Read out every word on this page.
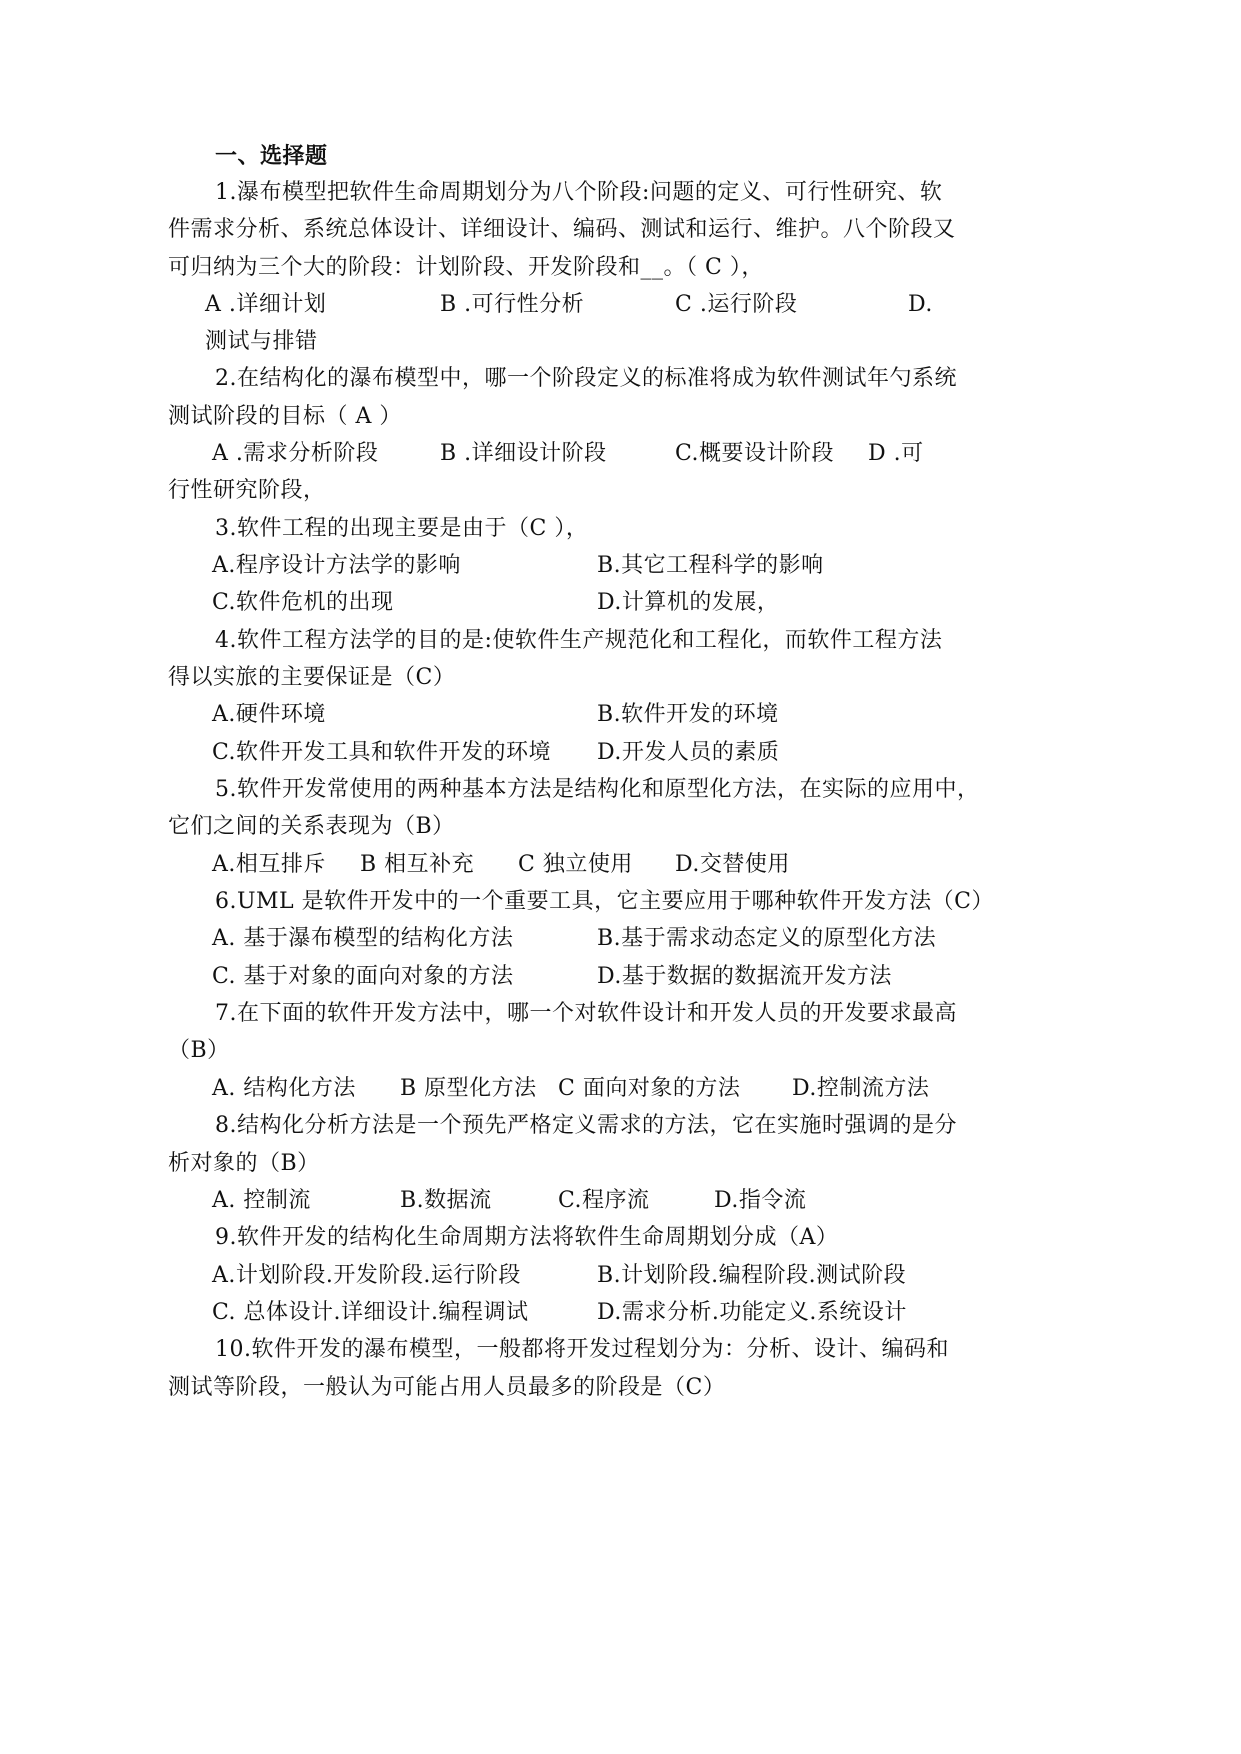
一、选择题
1.瀑布模型把软件生命周期划分为八个阶段:问题的定义、可行性研究、软
件需求分析、系统总体设计、详细设计、编码、测试和运行、维护。八个阶段又
可归纳为三个大的阶段：计划阶段、开发阶段和__。（ C ），
A .详细计划	B .可行性分析	C .运行阶段	D.
测试与排错
2.在结构化的瀑布模型中，哪一个阶段定义的标准将成为软件测试年勺系统
测试阶段的目标（ A ）
A .需求分析阶段	B .详细设计阶段	C.概要设计阶段 D .可
行性研究阶段，
3.软件工程的出现主要是由于（C ），
A.程序设计方法学的影响	B.其它工程科学的影响
C.软件危机的出现	D.计算机的发展，
4.软件工程方法学的目的是:使软件生产规范化和工程化，而软件工程方法
得以实旅的主要保证是（C）
A.硬件环境	B.软件开发的环境
C.软件开发工具和软件开发的环境 D.开发人员的素质
5.软件开发常使用的两种基本方法是结构化和原型化方法，在实际的应用中，
它们之间的关系表现为（B）
A.相互排斥 B 相互补充 C 独立使用 D.交替使用
6.UML 是软件开发中的一个重要工具，它主要应用于哪种软件开发方法（C）
A. 基于瀑布模型的结构化方法	B.基于需求动态定义的原型化方法
C. 基于对象的面向对象的方法	D.基于数据的数据流开发方法
7.在下面的软件开发方法中，哪一个对软件设计和开发人员的开发要求最高
（B）
A. 结构化方法 B 原型化方法 C 面向对象的方法 D.控制流方法
8.结构化分析方法是一个预先严格定义需求的方法，它在实施时强调的是分
析对象的（B）
A. 控制流	B.数据流	C.程序流	D.指令流
9.软件开发的结构化生命周期方法将软件生命周期划分成（A）
A.计划阶段.开发阶段.运行阶段	B.计划阶段.编程阶段.测试阶段
C. 总体设计.详细设计.编程调试	D.需求分析.功能定义.系统设计
10.软件开发的瀑布模型，一般都将开发过程划分为：分析、设计、编码和
测试等阶段，一般认为可能占用人员最多的阶段是（C）
